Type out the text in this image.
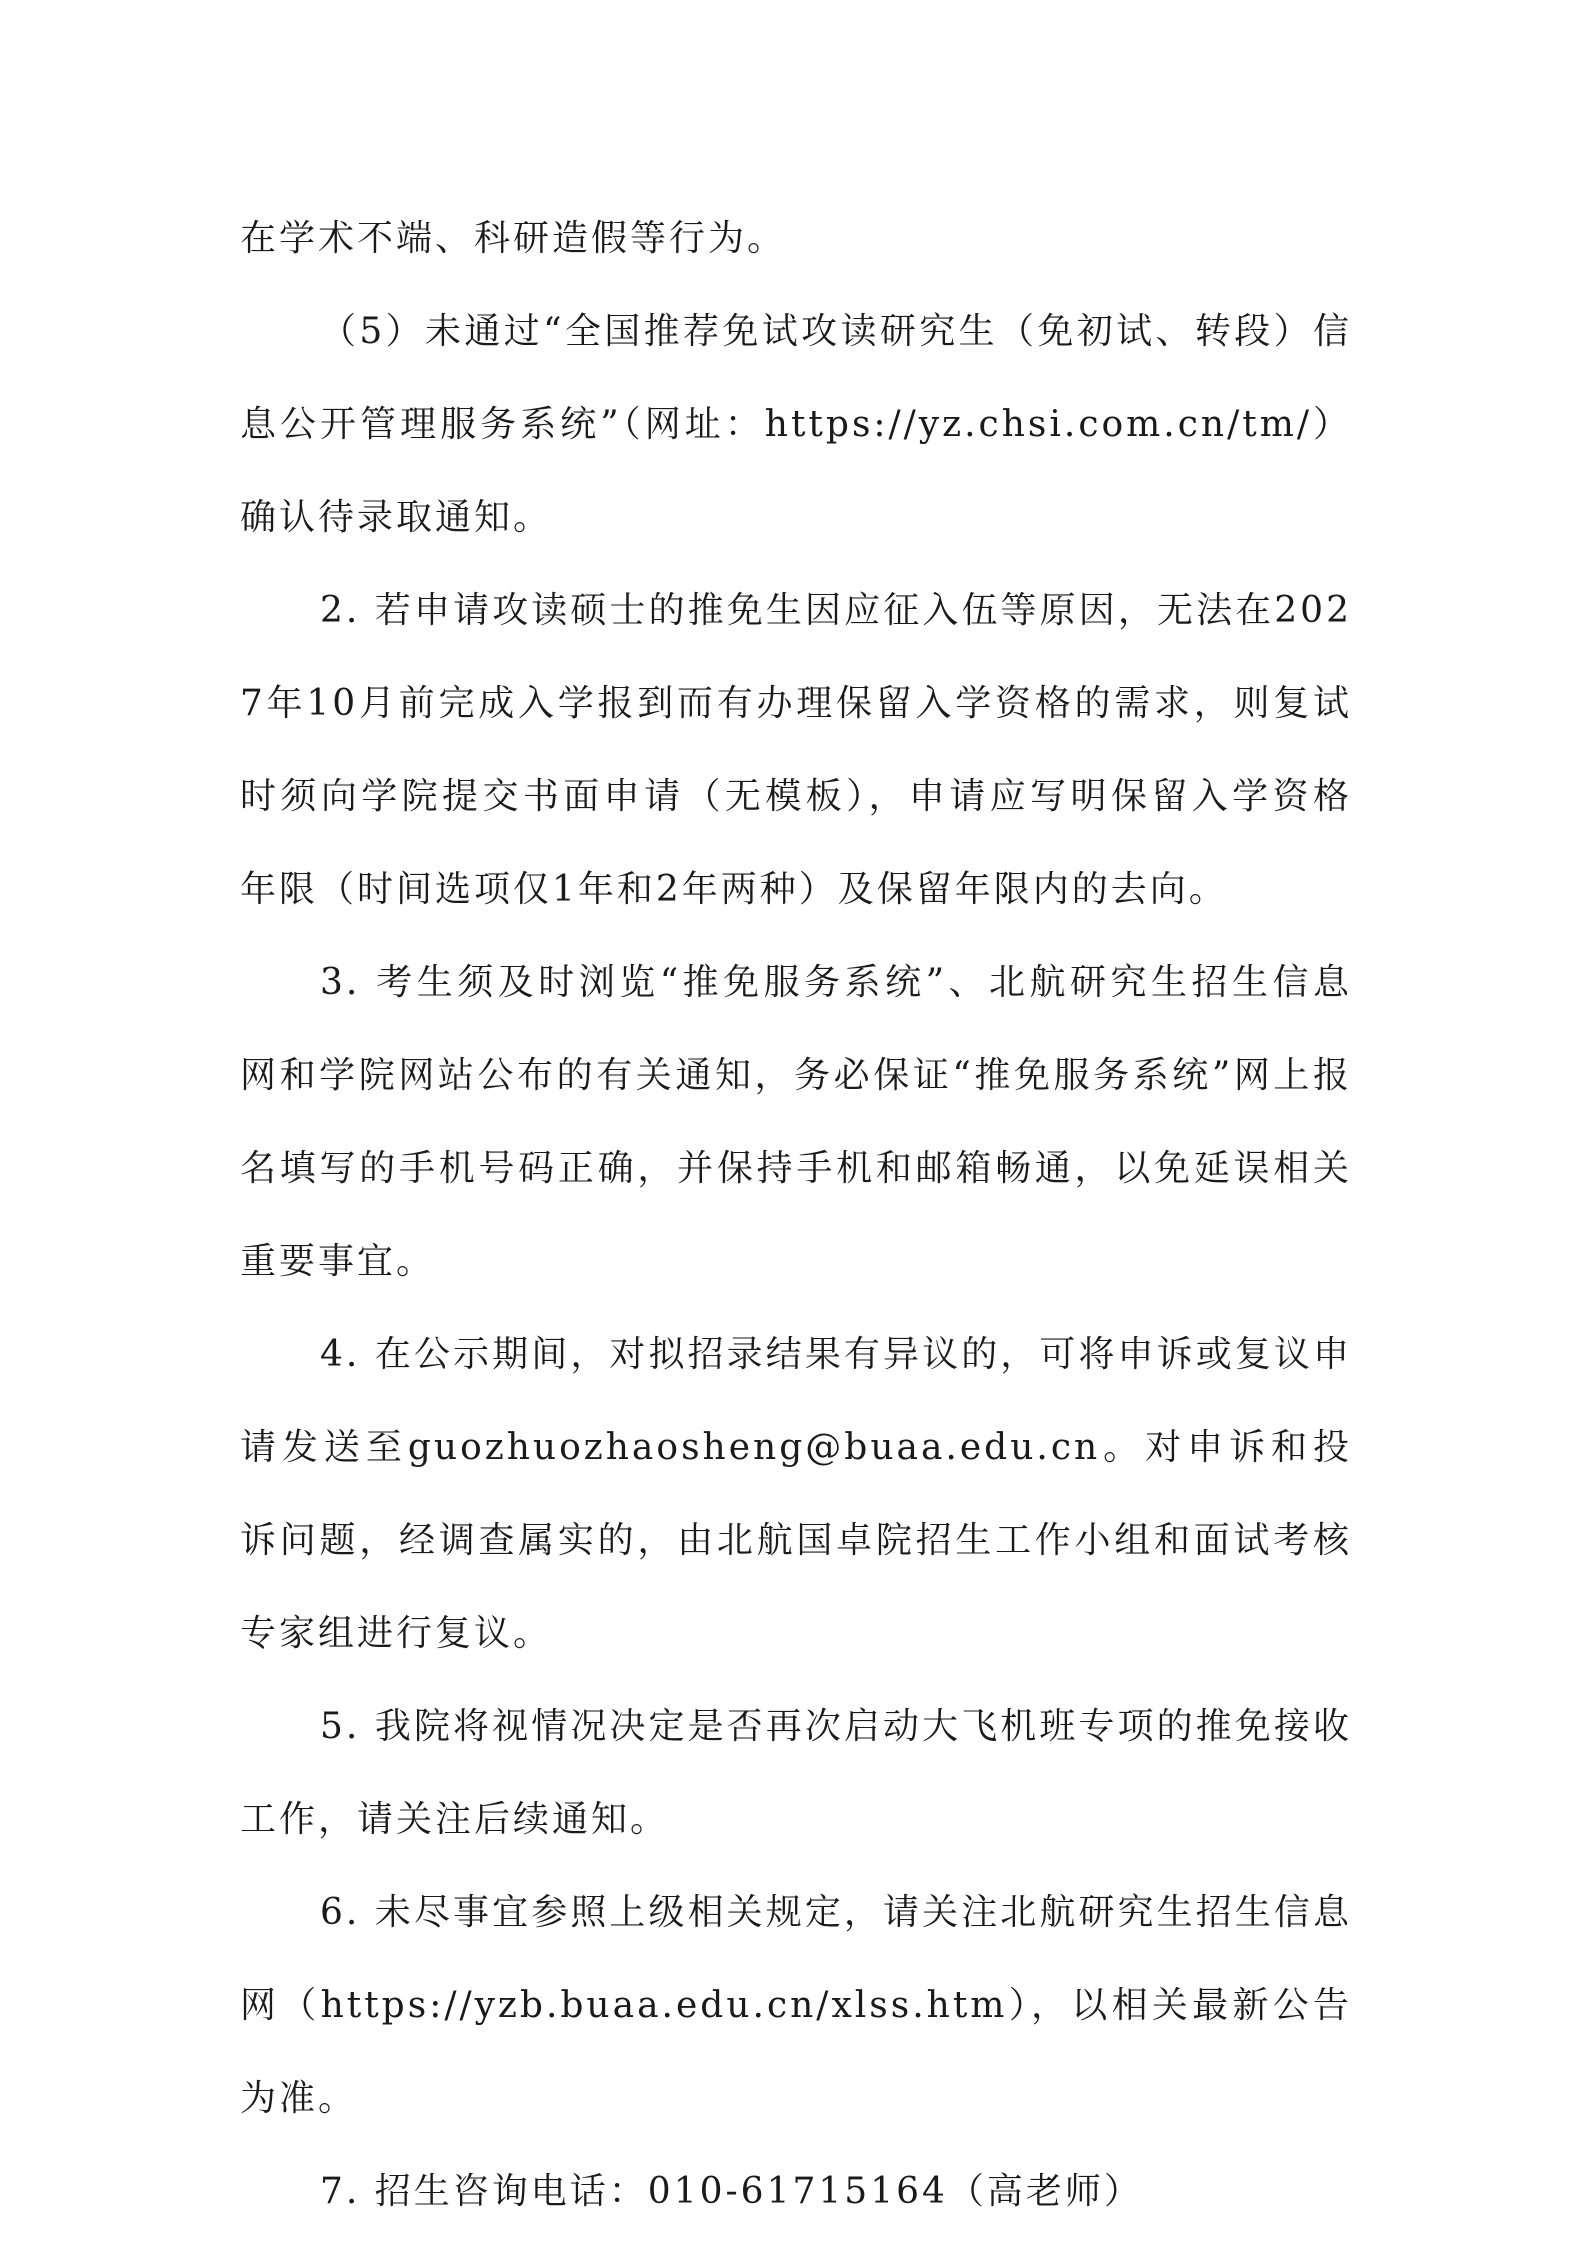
在学术不端、科研造假等行为。

（5）未通过“全国推荐免试攻读研究生（免初试、转段）信息公开管理服务系统”（网址：https://yz.chsi.com.cn/tm/）确认待录取通知。

2. 若申请攻读硕士的推免生因应征入伍等原因，无法在2027年10月前完成入学报到而有办理保留入学资格的需求，则复试时须向学院提交书面申请（无模板），申请应写明保留入学资格年限（时间选项仅1年和2年两种）及保留年限内的去向。

3. 考生须及时浏览“推免服务系统”、北航研究生招生信息网和学院网站公布的有关通知，务必保证“推免服务系统”网上报名填写的手机号码正确，并保持手机和邮箱畅通，以免延误相关重要事宜。

4. 在公示期间，对拟招录结果有异议的，可将申诉或复议申请发送至guozhuozhaosheng@buaa.edu.cn。对申诉和投诉问题，经调查属实的，由北航国卓院招生工作小组和面试考核专家组进行复议。

5. 我院将视情况决定是否再次启动大飞机班专项的推免接收工作，请关注后续通知。

6. 未尽事宜参照上级相关规定，请关注北航研究生招生信息网（https://yzb.buaa.edu.cn/xlss.htm），以相关最新公告为准。

7. 招生咨询电话：010-61715164（高老师）
